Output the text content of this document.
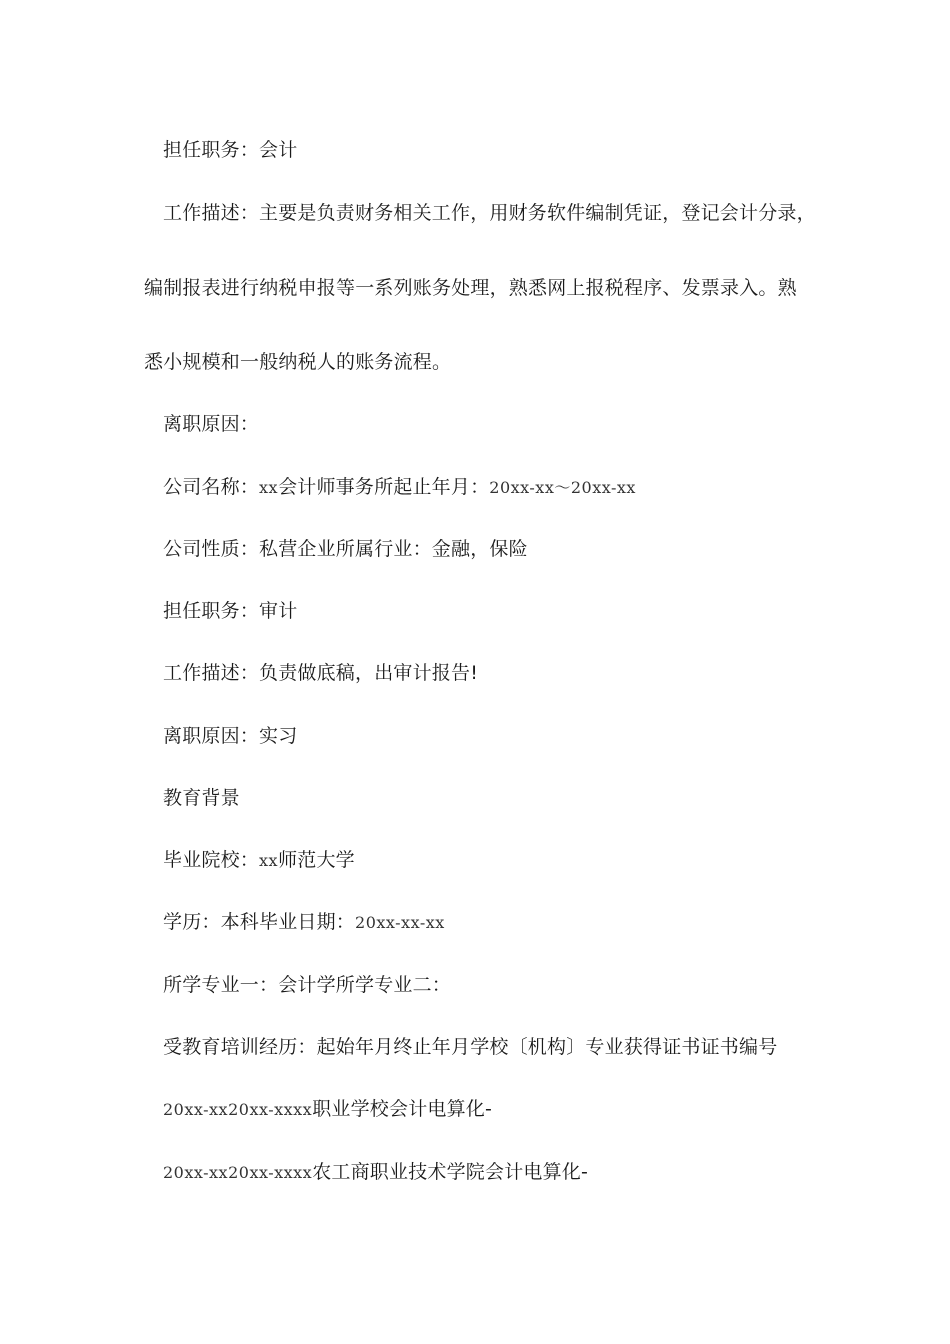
担任职务：会计
工作描述：主要是负责财务相关工作，用财务软件编制凭证，登记会计分录，
编制报表进行纳税申报等一系列账务处理，熟悉网上报税程序、发票录入。熟
悉小规模和一般纳税人的账务流程。
离职原因：
公司名称：xx会计师事务所起止年月：20xx-xx～20xx-xx
公司性质：私营企业所属行业：金融，保险
担任职务：审计
工作描述：负责做底稿，出审计报告!
离职原因：实习
教育背景
毕业院校：xx师范大学
学历：本科毕业日期：20xx-xx-xx
所学专业一：会计学所学专业二：
受教育培训经历：起始年月终止年月学校〔机构〕专业获得证书证书编号
20xx-xx20xx-xxxx职业学校会计电算化-
20xx-xx20xx-xxxx农工商职业技术学院会计电算化-
